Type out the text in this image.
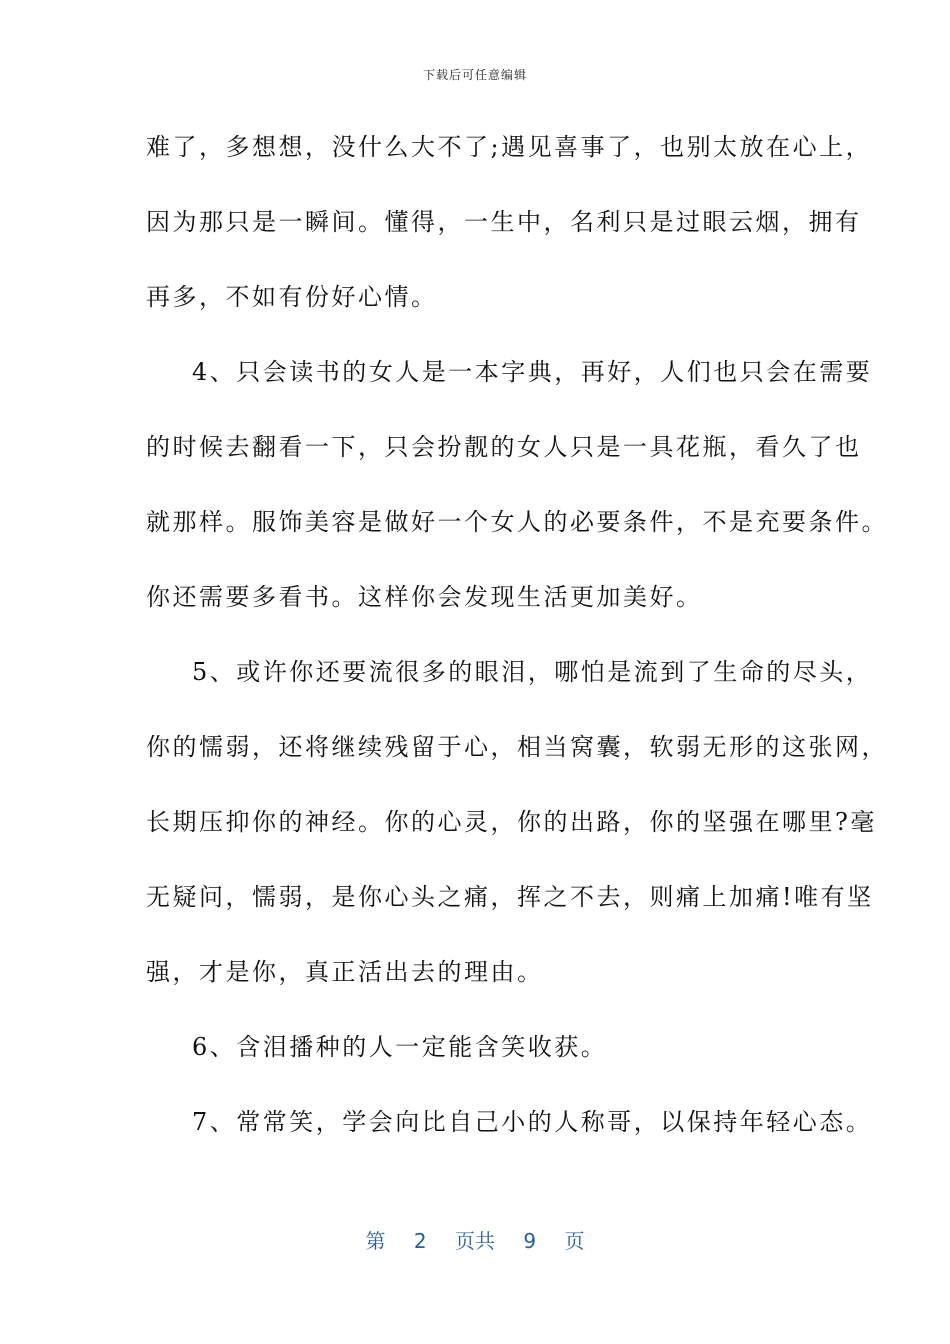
下载后可任意编辑
难了，多想想，没什么大不了;遇见喜事了，也别太放在心上，
因为那只是一瞬间。懂得，一生中，名利只是过眼云烟，拥有
再多，不如有份好心情。
4、只会读书的女人是一本字典，再好，人们也只会在需要
的时候去翻看一下，只会扮靓的女人只是一具花瓶，看久了也
就那样。服饰美容是做好一个女人的必要条件，不是充要条件。
你还需要多看书。这样你会发现生活更加美好。
5、或许你还要流很多的眼泪，哪怕是流到了生命的尽头，
你的懦弱，还将继续残留于心，相当窝囊，软弱无形的这张网，
长期压抑你的神经。你的心灵，你的出路，你的坚强在哪里?毫
无疑问，懦弱，是你心头之痛，挥之不去，则痛上加痛!唯有坚
强，才是你，真正活出去的理由。
6、含泪播种的人一定能含笑收获。
7、常常笑，学会向比自己小的人称哥，以保持年轻心态。
第 2 页共 9 页
